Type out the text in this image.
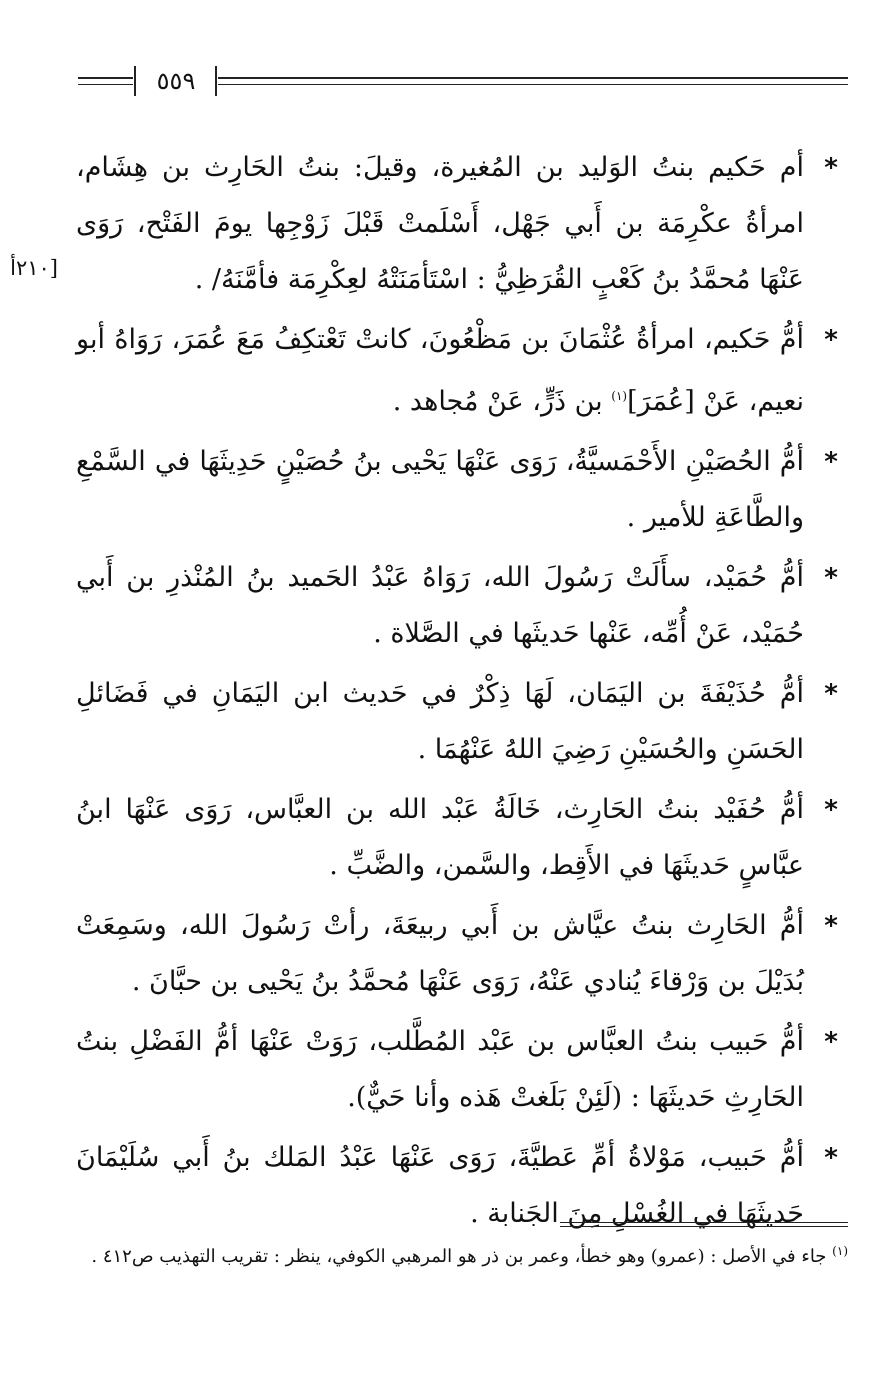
٥٥٩
[٢١٠أ
*
أم حَكيم بنتُ الوَليد بن المُغيرة، وقيلَ: بنتُ الحَارِث بن هِشَام، امرأةُ عكْرِمَة بن أَبي جَهْل، أَسْلَمتْ قَبْلَ زَوْجِها يومَ الفَتْح، رَوَى عَنْهَا مُحمَّدُ بنُ كَعْبٍ القُرَظِيُّ : اسْتَأمَنَتْهُ لعِكْرِمَة فأمَّنَهُ/ .
*
أمُّ حَكيم، امرأةُ عُثْمَانَ بن مَظْعُونَ، كانتْ تَعْتكِفُ مَعَ عُمَرَ، رَوَاهُ أبو نعيم، عَنْ [عُمَرَ]$^{(١)}$ بن ذَرٍّ، عَنْ مُجاهد .
*
أمُّ الحُصَيْنِ الأَحْمَسيَّةُ، رَوَى عَنْهَا يَحْيى بنُ حُصَيْنٍ حَدِيثَهَا في السَّمْعِ والطَّاعَةِ للأمير .
*
أمُّ حُمَيْد، سأَلَتْ رَسُولَ الله، رَوَاهُ عَبْدُ الحَميد بنُ المُنْذرِ بن أَبي حُمَيْد، عَنْ أُمِّه، عَنْها حَديثَها في الصَّلاة .
*
أمُّ حُذَيْفَةَ بن اليَمَان، لَهَا ذِكْرٌ في حَديث ابن اليَمَانِ في فَضَائلِ الحَسَنِ والحُسَيْنِ رَضِيَ اللهُ عَنْهُمَا .
*
أمُّ حُفَيْد بنتُ الحَارِث، خَالَةُ عَبْد الله بن العبَّاس، رَوَى عَنْهَا ابنُ عبَّاسٍ حَديثَهَا في الأَقِط، والسَّمن، والضَّبِّ .
*
أمُّ الحَارِث بنتُ عيَّاش بن أَبي ربيعَةَ، رأتْ رَسُولَ الله، وسَمِعَتْ بُدَيْلَ بن وَرْقاءَ يُنادي عَنْهُ، رَوَى عَنْهَا مُحمَّدُ بنُ يَحْيى بن حبَّانَ .
*
أمُّ حَبيب بنتُ العبَّاس بن عَبْد المُطَّلب، رَوَتْ عَنْهَا أمُّ الفَضْلِ بنتُ الحَارِثِ حَديثَهَا : (لَئِنْ بَلَغتْ هَذه وأنا حَيٌّ).
*
أمُّ حَبيب، مَوْلاةُ أمِّ عَطيَّةَ، رَوَى عَنْهَا عَبْدُ المَلك بنُ أَبي سُلَيْمَانَ حَديثَهَا في الغُسْلِ مِنَ الجَنابة .
$^{(١)}$ جاء في الأصل : (عمرو) وهو خطأ، وعمر بن ذر هو المرهبي الكوفي، ينظر : تقريب التهذيب ص٤١٢ .
